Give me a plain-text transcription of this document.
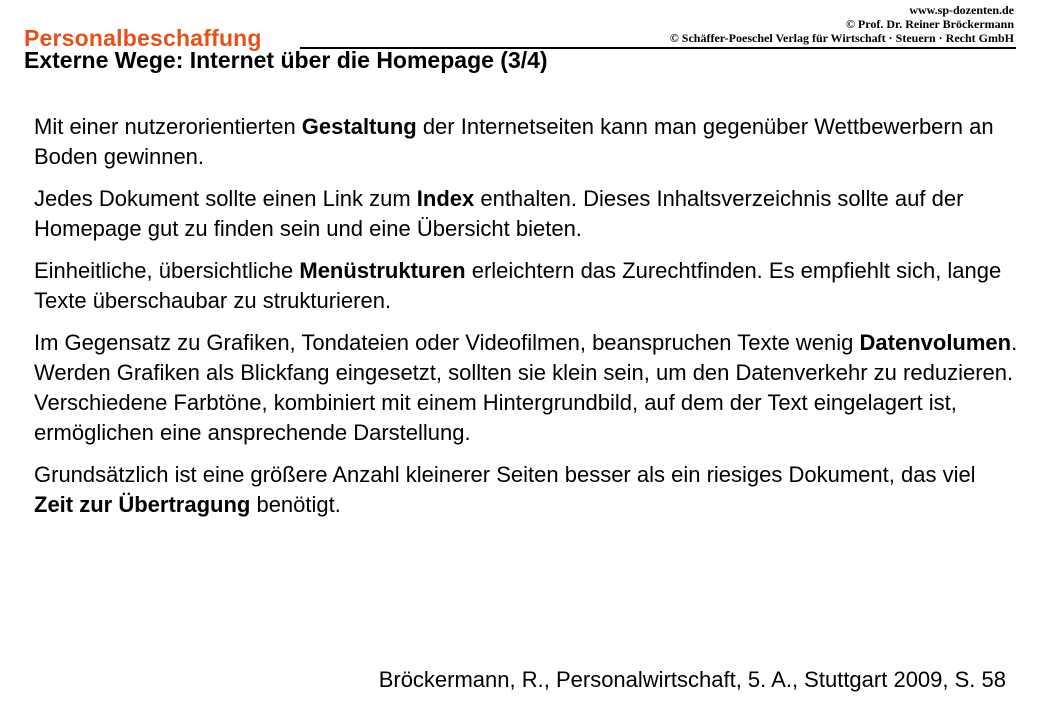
Personalbeschaffung
www.sp-dozenten.de
© Prof. Dr. Reiner Bröckermann
© Schäffer-Poeschel Verlag für Wirtschaft · Steuern · Recht GmbH
Externe Wege: Internet über die Homepage (3/4)

Mit einer nutzerorientierten Gestaltung der Internetseiten kann man gegenüber Wettbewerbern an Boden gewinnen.

Jedes Dokument sollte einen Link zum Index enthalten. Dieses Inhaltsverzeichnis sollte auf der Homepage gut zu finden sein und eine Übersicht bieten.

Einheitliche, übersichtliche Menüstrukturen erleichtern das Zurechtfinden. Es empfiehlt sich, lange Texte überschaubar zu strukturieren.

Im Gegensatz zu Grafiken, Tondateien oder Videofilmen, beanspruchen Texte wenig Datenvolumen. Werden Grafiken als Blickfang eingesetzt, sollten sie klein sein, um den Datenverkehr zu reduzieren. Verschiedene Farbtöne, kombiniert mit einem Hintergrundbild, auf dem der Text eingelagert ist, ermöglichen eine ansprechende Darstellung.

Grundsätzlich ist eine größere Anzahl kleinerer Seiten besser als ein riesiges Dokument, das viel Zeit zur Übertragung benötigt.

Bröckermann, R., Personalwirtschaft, 5. A., Stuttgart 2009, S. 58
